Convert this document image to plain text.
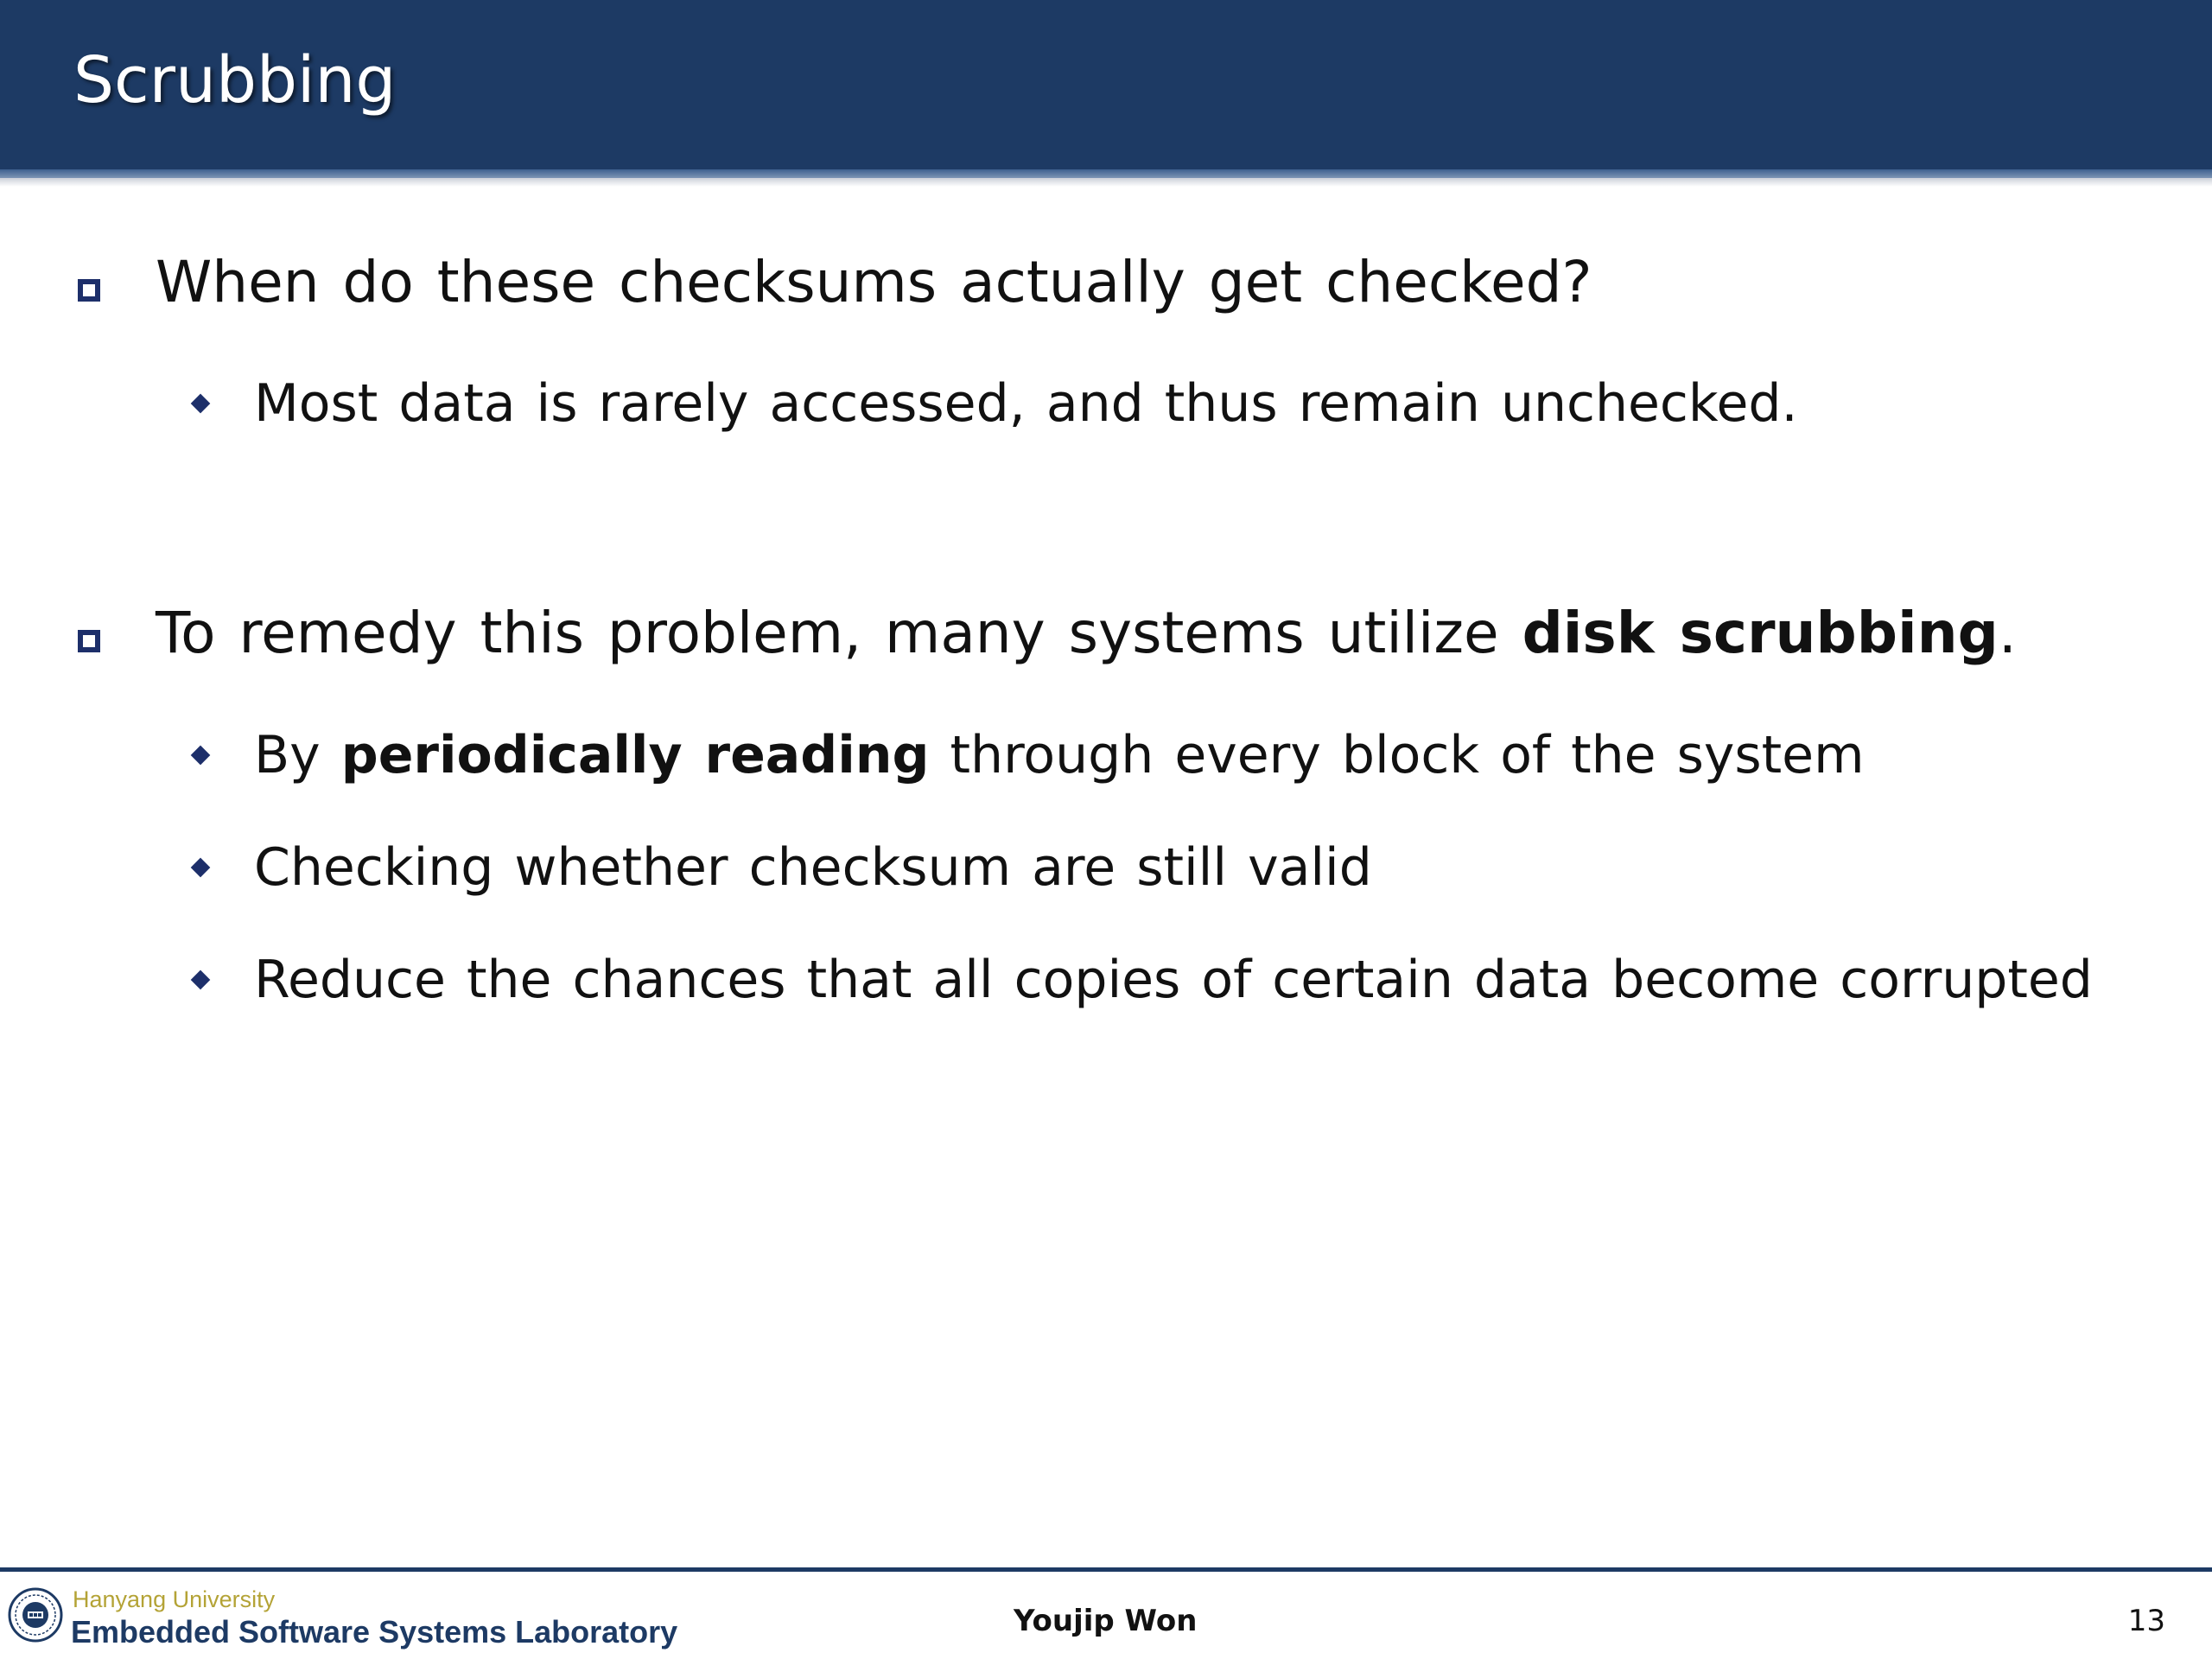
Scrubbing
When do these checksums actually get checked?
Most data is rarely accessed, and thus remain unchecked.
To remedy this problem, many systems utilize disk scrubbing.
By periodically reading through every block of the system
Checking whether checksum are still valid
Reduce the chances that all copies of certain data become corrupted
Hanyang University
Embedded Software Systems Laboratory	Youjip Won	13
